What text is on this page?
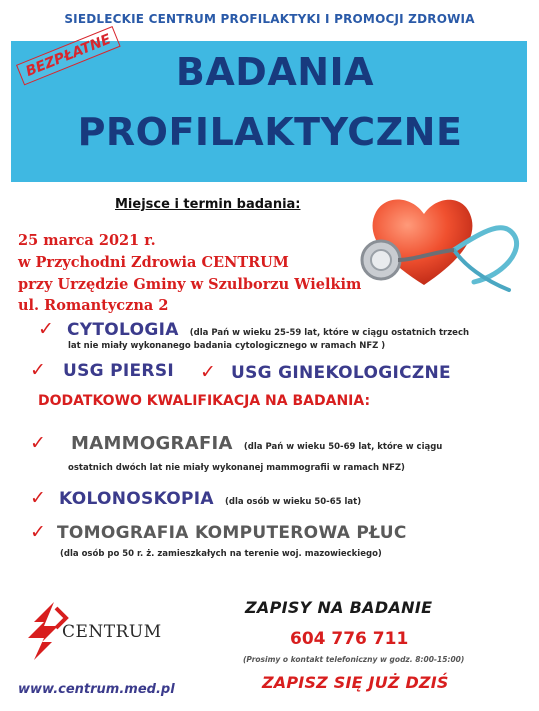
SIEDLECKIE CENTRUM PROFILAKTYKI I PROMOCJI ZDROWIA
BADANIA
PROFILAKTYCZNE
BEZPŁATNE
Miejsce i termin badania:
25 marca 2021 r.
w Przychodni Zdrowia CENTRUM
przy Urzędzie Gminy w Szulborzu Wielkim
ul. Romantyczna 2
✓ CYTOLOGIA (dla Pań w wieku 25-59 lat, które w ciągu ostatnich trzech
lat nie miały wykonanego badania cytologicznego w ramach NFZ )
✓ USG PIERSI ✓ USG GINEKOLOGICZNE
DODATKOWO KWALIFIKACJA NA BADANIA:
✓ MAMMOGRAFIA (dla Pań w wieku 50-69 lat, które w ciągu
ostatnich dwóch lat nie miały wykonanej mammografii w ramach NFZ)
✓ KOLONOSKOPIA (dla osób w wieku 50-65 lat)
✓ TOMOGRAFIA KOMPUTEROWA PŁUC
(dla osób po 50 r. ż. zamieszkałych na terenie woj. mazowieckiego)
CENTRUM
www.centrum.med.pl
ZAPISY NA BADANIE
604 776 711
(Prosimy o kontakt telefoniczny w godz. 8:00-15:00)
ZAPISZ SIĘ JUŻ DZIŚ
